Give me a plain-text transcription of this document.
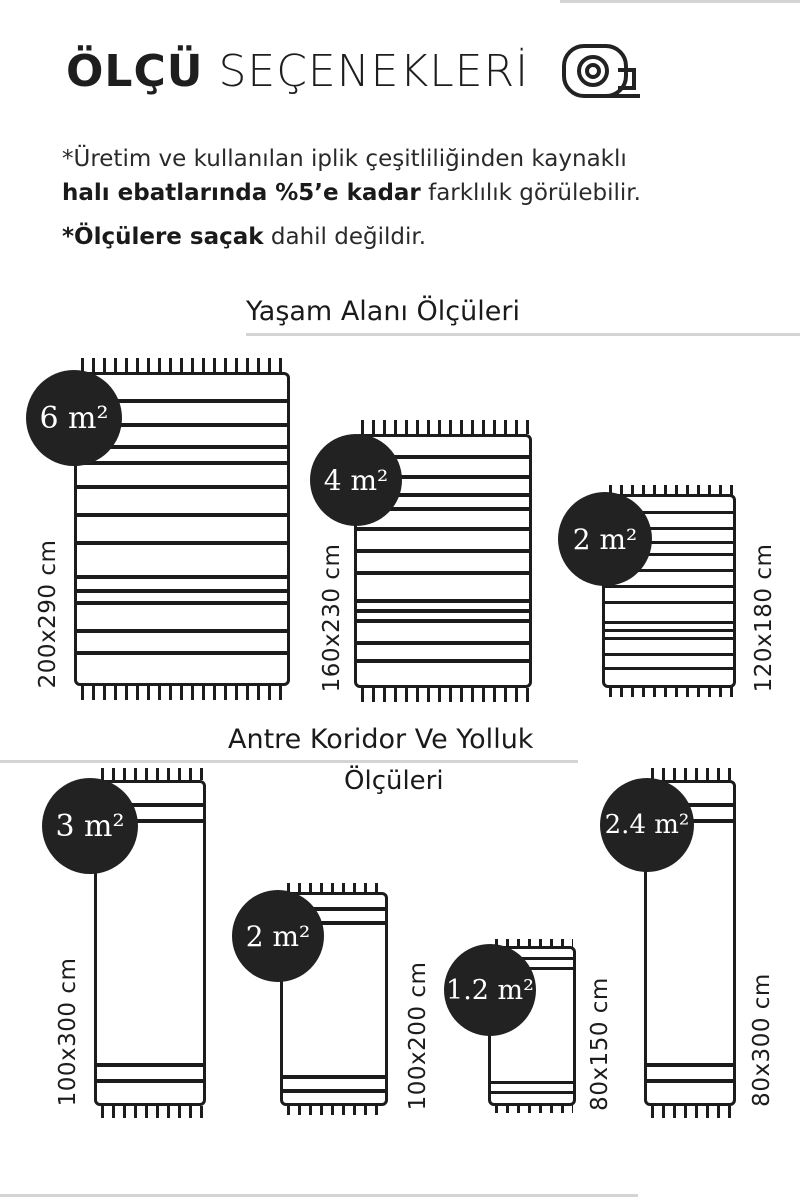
ÖLÇÜ SEÇENEKLERİ
*Üretim ve kullanılan iplik çeşitliliğinden kaynaklı
halı ebatlarında %5’e kadar farklılık görülebilir.
*Ölçülere saçak dahil değildir.
Yaşam Alanı Ölçüleri
6 m²
200x290 cm
4 m²
160x230 cm
2 m²
120x180 cm
Antre Koridor Ve Yolluk
Ölçüleri
3 m²
100x300 cm
2 m²
100x200 cm 1.2 m² 80x150 cm
2.4 m²
80x300 cm
